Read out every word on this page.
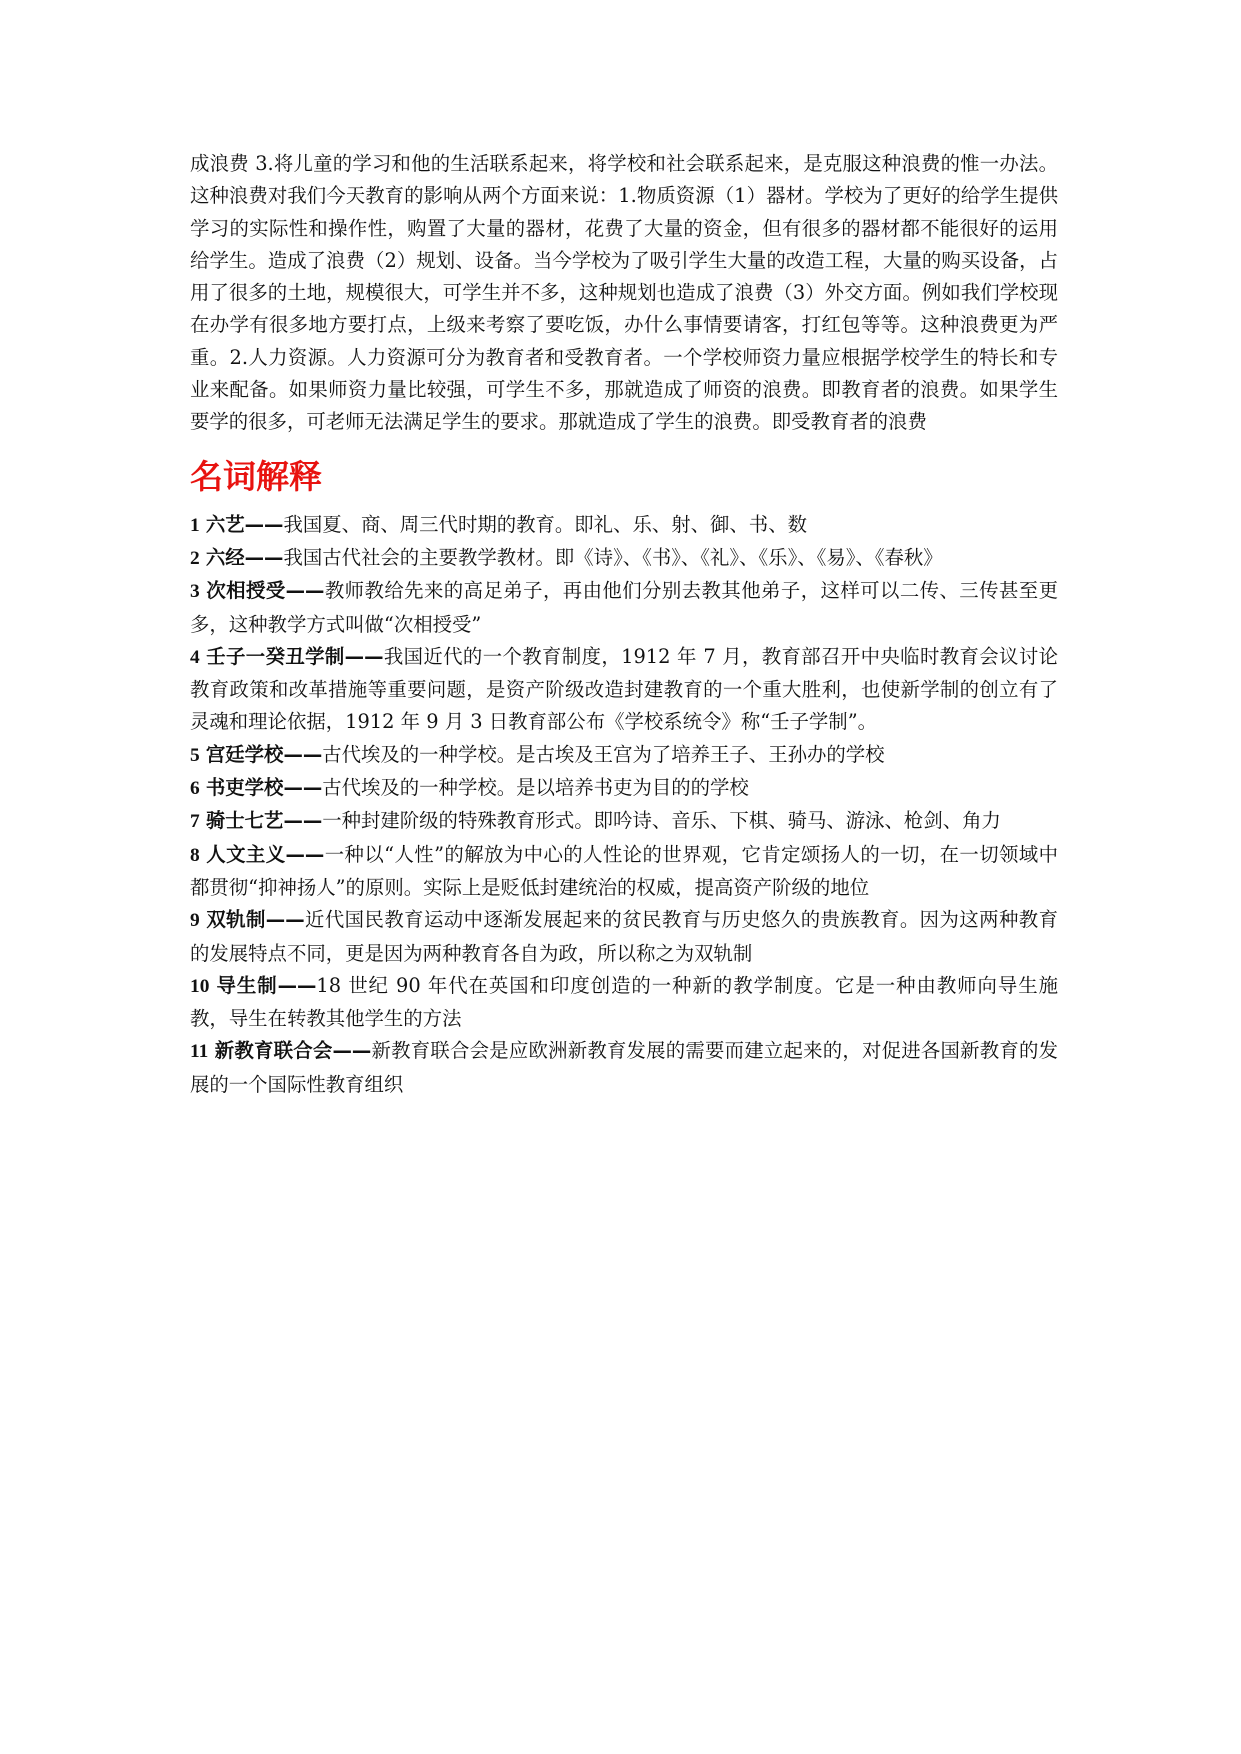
成浪费 3.将儿童的学习和他的生活联系起来，将学校和社会联系起来，是克服这种浪费的惟一办法。这种浪费对我们今天教育的影响从两个方面来说：1.物质资源（1）器材。学校为了更好的给学生提供学习的实际性和操作性，购置了大量的器材，花费了大量的资金，但有很多的器材都不能很好的运用给学生。造成了浪费（2）规划、设备。当今学校为了吸引学生大量的改造工程，大量的购买设备，占用了很多的土地，规模很大，可学生并不多，这种规划也造成了浪费（3）外交方面。例如我们学校现在办学有很多地方要打点，上级来考察了要吃饭，办什么事情要请客，打红包等等。这种浪费更为严重。2.人力资源。人力资源可分为教育者和受教育者。一个学校师资力量应根据学校学生的特长和专业来配备。如果师资力量比较强，可学生不多，那就造成了师资的浪费。即教育者的浪费。如果学生要学的很多，可老师无法满足学生的要求。那就造成了学生的浪费。即受教育者的浪费

名词解释
1 六艺——我国夏、商、周三代时期的教育。即礼、乐、射、御、书、数
2 六经——我国古代社会的主要教学教材。即《诗》、《书》、《礼》、《乐》、《易》、《春秋》
3 次相授受——教师教给先来的高足弟子，再由他们分别去教其他弟子，这样可以二传、三传甚至更多，这种教学方式叫做“次相授受”
4 壬子一癸丑学制——我国近代的一个教育制度，1912 年 7 月，教育部召开中央临时教育会议讨论教育政策和改革措施等重要问题，是资产阶级改造封建教育的一个重大胜利，也使新学制的创立有了灵魂和理论依据，1912 年 9 月 3 日教育部公布《学校系统令》称“壬子学制”。
5 宫廷学校——古代埃及的一种学校。是古埃及王宫为了培养王子、王孙办的学校
6 书吏学校——古代埃及的一种学校。是以培养书吏为目的的学校
7 骑士七艺——一种封建阶级的特殊教育形式。即吟诗、音乐、下棋、骑马、游泳、枪剑、角力
8 人文主义——一种以“人性”的解放为中心的人性论的世界观，它肯定颂扬人的一切，在一切领域中都贯彻“抑神扬人”的原则。实际上是贬低封建统治的权威，提高资产阶级的地位
9 双轨制——近代国民教育运动中逐渐发展起来的贫民教育与历史悠久的贵族教育。因为这两种教育的发展特点不同，更是因为两种教育各自为政，所以称之为双轨制
10 导生制——18 世纪 90 年代在英国和印度创造的一种新的教学制度。它是一种由教师向导生施教，导生在转教其他学生的方法
11 新教育联合会——新教育联合会是应欧洲新教育发展的需要而建立起来的，对促进各国新教育的发展的一个国际性教育组织
